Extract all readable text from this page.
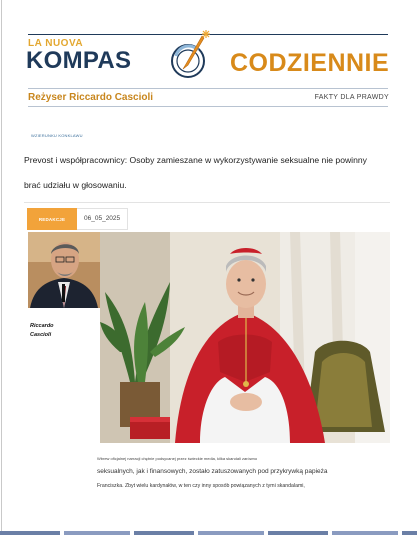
LA NUOVA
KOMPAS	CODZIENNIE
Reżyser Riccardo Cascioli	FAKTY DLA PRAWDY
WZIERUNKU KONKLAWU
Prevost i współpracownicy: Osoby zamieszane w wykorzystywanie seksualne nie powinny
brać udziału w głosowaniu.
REDAKCJE	06_05_2025
Riccardo
Cascioli
Wbrew oficjalnej narracji chętnie podsycanej przez świeckie media, kilka skandali zarówno
seksualnych, jak i finansowych, zostało zatuszowanych pod przykrywką papieża
Franciszka. Zbyt wielu kardynałów, w ten czy inny sposób powiązanych z tymi skandalami,
